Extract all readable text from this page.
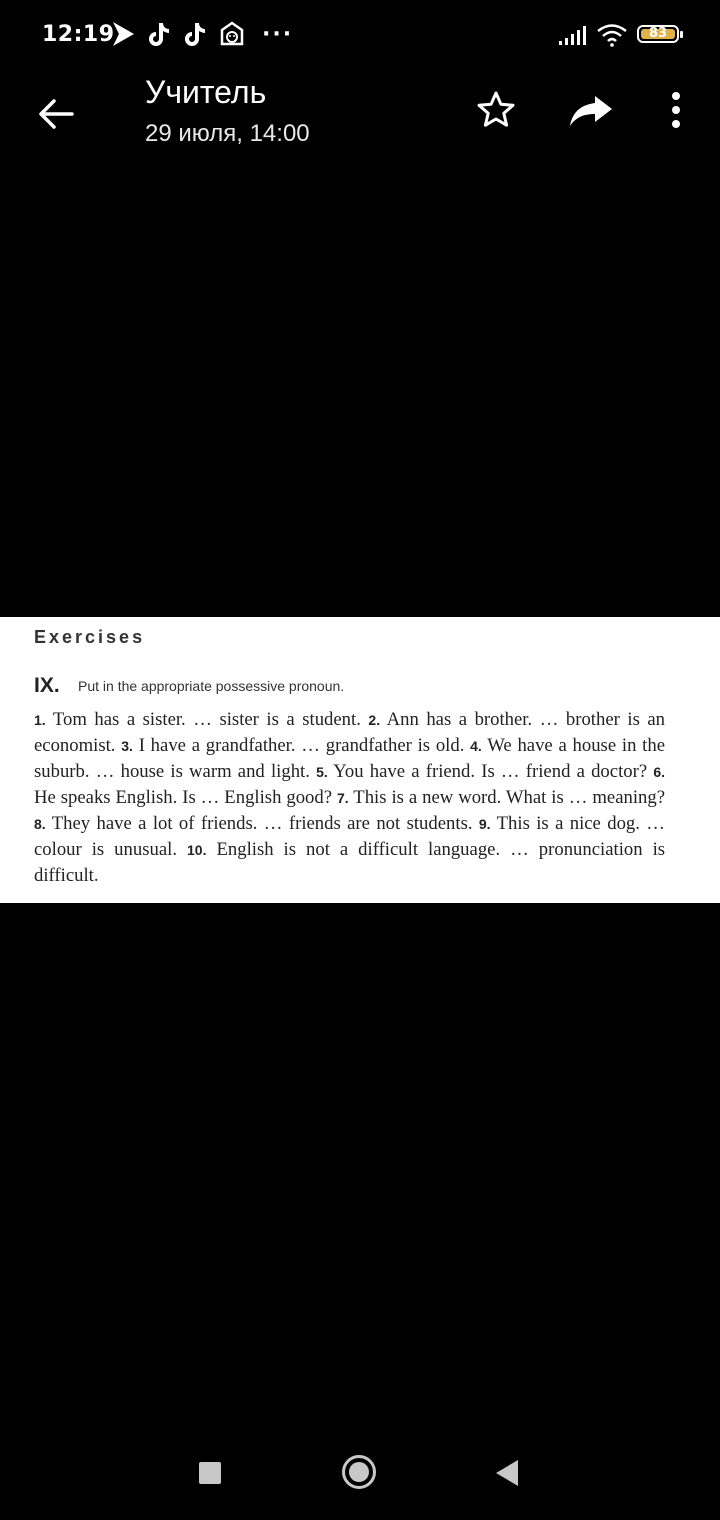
12:19	···	83
Учитель
29 июля, 14:00
Exercises
IX. Put in the appropriate possessive pronoun.
1. Tom has a sister. … sister is a student. 2. Ann has a brother. … brother is an economist. 3. I have a grandfather. … grandfather is old. 4. We have a house in the suburb. … house is warm and light. 5. You have a friend. Is … friend a doctor? 6. He speaks English. Is … English good? 7. This is a new word. What is … meaning? 8. They have a lot of friends. … friends are not students. 9. This is a nice dog. … colour is unusual. 10. English is not a difficult language. … pronunciation is difficult.
